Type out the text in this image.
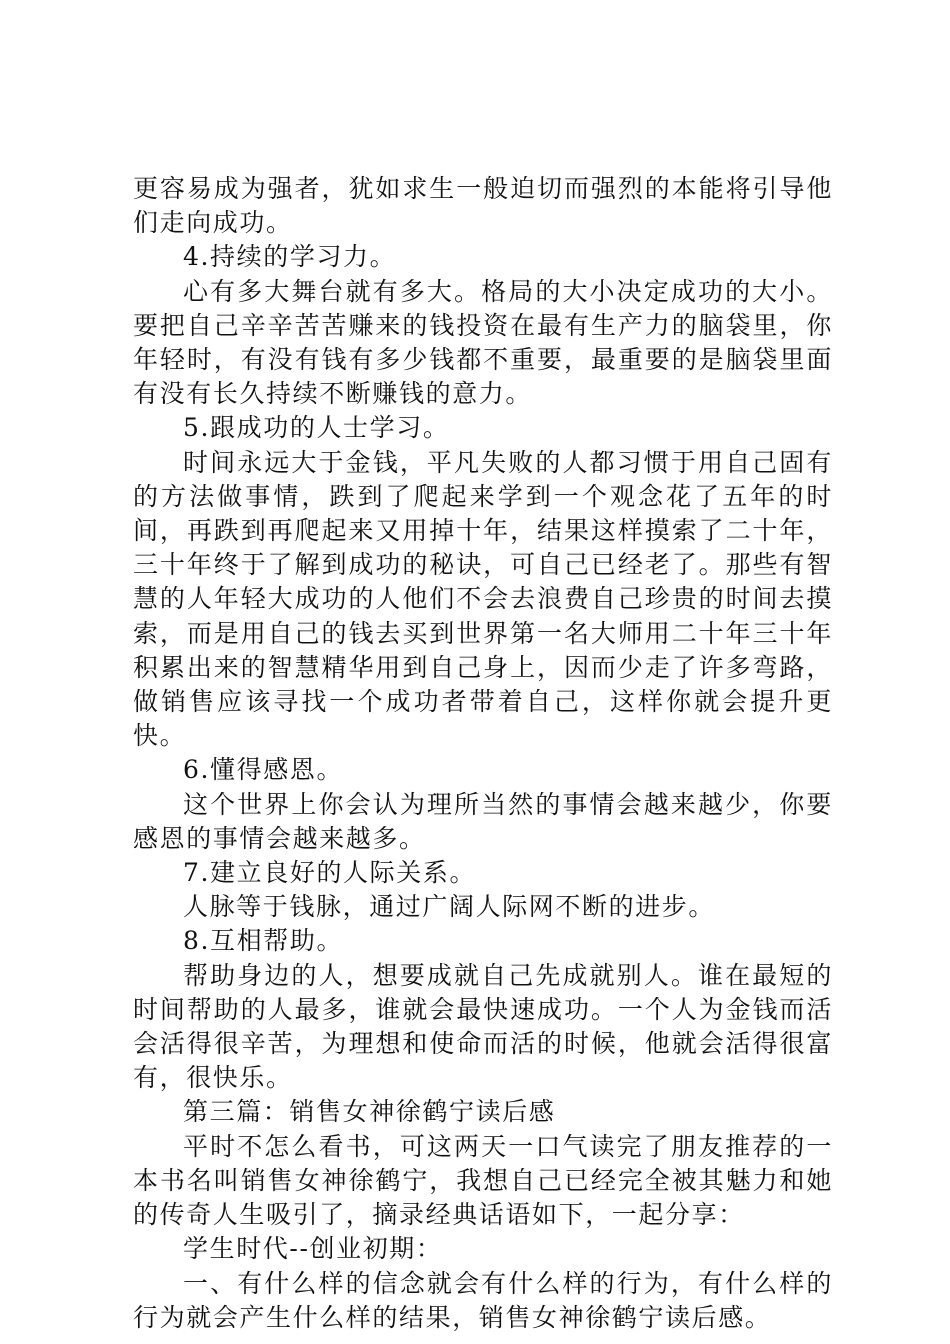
更容易成为强者，犹如求生一般迫切而强烈的本能将引导他们走向成功。

4.持续的学习力。

心有多大舞台就有多大。格局的大小决定成功的大小。要把自己辛辛苦苦赚来的钱投资在最有生产力的脑袋里，你年轻时，有没有钱有多少钱都不重要，最重要的是脑袋里面有没有长久持续不断赚钱的意力。

5.跟成功的人士学习。

时间永远大于金钱，平凡失败的人都习惯于用自己固有的方法做事情，跌到了爬起来学到一个观念花了五年的时间，再跌到再爬起来又用掉十年，结果这样摸索了二十年，三十年终于了解到成功的秘诀，可自己已经老了。那些有智慧的人年轻大成功的人他们不会去浪费自己珍贵的时间去摸索，而是用自己的钱去买到世界第一名大师用二十年三十年积累出来的智慧精华用到自己身上，因而少走了许多弯路，做销售应该寻找一个成功者带着自己，这样你就会提升更快。

6.懂得感恩。

这个世界上你会认为理所当然的事情会越来越少，你要感恩的事情会越来越多。

7.建立良好的人际关系。

人脉等于钱脉，通过广阔人际网不断的进步。

8.互相帮助。

帮助身边的人，想要成就自己先成就别人。谁在最短的时间帮助的人最多，谁就会最快速成功。一个人为金钱而活会活得很辛苦，为理想和使命而活的时候，他就会活得很富有，很快乐。

第三篇：销售女神徐鹤宁读后感

平时不怎么看书，可这两天一口气读完了朋友推荐的一本书名叫销售女神徐鹤宁，我想自己已经完全被其魅力和她的传奇人生吸引了，摘录经典话语如下，一起分享：

学生时代--创业初期：

一、有什么样的信念就会有什么样的行为，有什么样的行为就会产生什么样的结果，销售女神徐鹤宁读后感。
